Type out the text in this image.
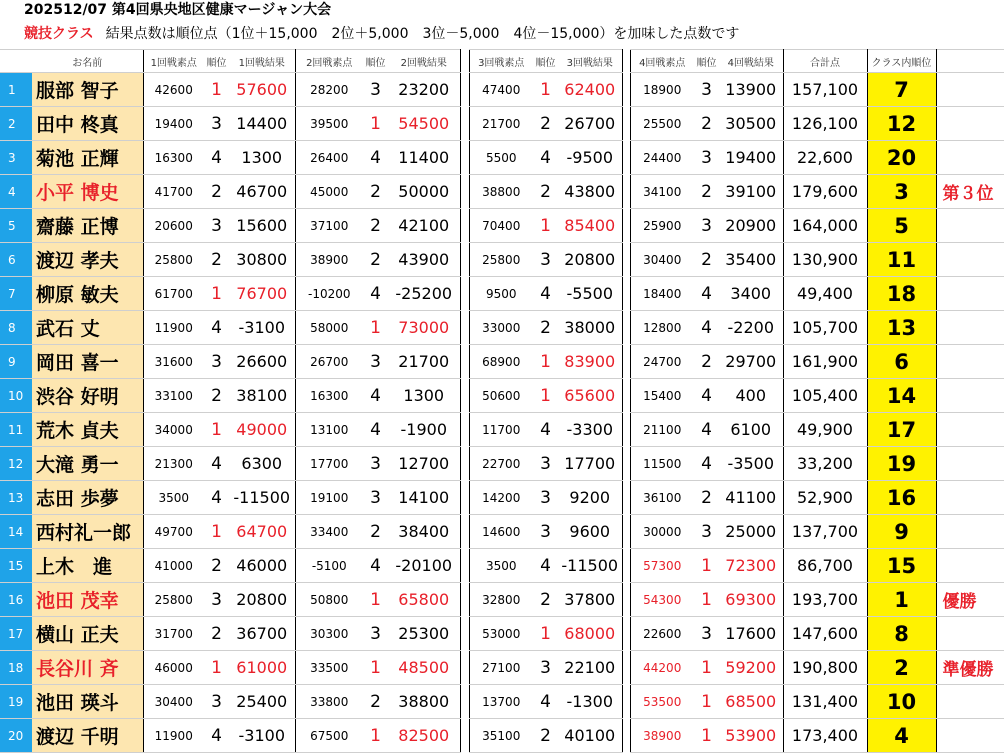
202512/07 第4回県央地区健康マージャン大会
競技クラス 結果点数は順位点（1位＋15,000　2位＋5,000　3位－5,000　4位－15,000）を加味した点数です
	お名前	1回戦素点	順位	1回戦結果	2回戦素点	順位	2回戦結果		3回戦素点	順位	3回戦結果		4回戦素点	順位	4回戦結果	合計点	クラス内順位	
1	服部 智子	42600	1	57600	28200	3	23200		47400	1	62400		18900	3	13900	157,100	7	
2	田中 柊真	19400	3	14400	39500	1	54500		21700	2	26700		25500	2	30500	126,100	12	
3	菊池 正輝	16300	4	1300	26400	4	11400		5500	4	-9500		24400	3	19400	22,600	20	
4	小平 博史	41700	2	46700	45000	2	50000		38800	2	43800		34100	2	39100	179,600	3	第３位
5	齋藤 正博	20600	3	15600	37100	2	42100		70400	1	85400		25900	3	20900	164,000	5	
6	渡辺 孝夫	25800	2	30800	38900	2	43900		25800	3	20800		30400	2	35400	130,900	11	
7	柳原 敏夫	61700	1	76700	-10200	4	-25200		9500	4	-5500		18400	4	3400	49,400	18	
8	武石 丈	11900	4	-3100	58000	1	73000		33000	2	38000		12800	4	-2200	105,700	13	
9	岡田 喜一	31600	3	26600	26700	3	21700		68900	1	83900		24700	2	29700	161,900	6	
10	渋谷 好明	33100	2	38100	16300	4	1300		50600	1	65600		15400	4	400	105,400	14	
11	荒木 貞夫	34000	1	49000	13100	4	-1900		11700	4	-3300		21100	4	6100	49,900	17	
12	大滝 勇一	21300	4	6300	17700	3	12700		22700	3	17700		11500	4	-3500	33,200	19	
13	志田 歩夢	3500	4	-11500	19100	3	14100		14200	3	9200		36100	2	41100	52,900	16	
14	西村礼一郎	49700	1	64700	33400	2	38400		14600	3	9600		30000	3	25000	137,700	9	
15	上木　進	41000	2	46000	-5100	4	-20100		3500	4	-11500		57300	1	72300	86,700	15	
16	池田 茂幸	25800	3	20800	50800	1	65800		32800	2	37800		54300	1	69300	193,700	1	優勝
17	横山 正夫	31700	2	36700	30300	3	25300		53000	1	68000		22600	3	17600	147,600	8	
18	長谷川 斉	46000	1	61000	33500	1	48500		27100	3	22100		44200	1	59200	190,800	2	準優勝
19	池田 瑛斗	30400	3	25400	33800	2	38800		13700	4	-1300		53500	1	68500	131,400	10	
20	渡辺 千明	11900	4	-3100	67500	1	82500		35100	2	40100		38900	1	53900	173,400	4	
